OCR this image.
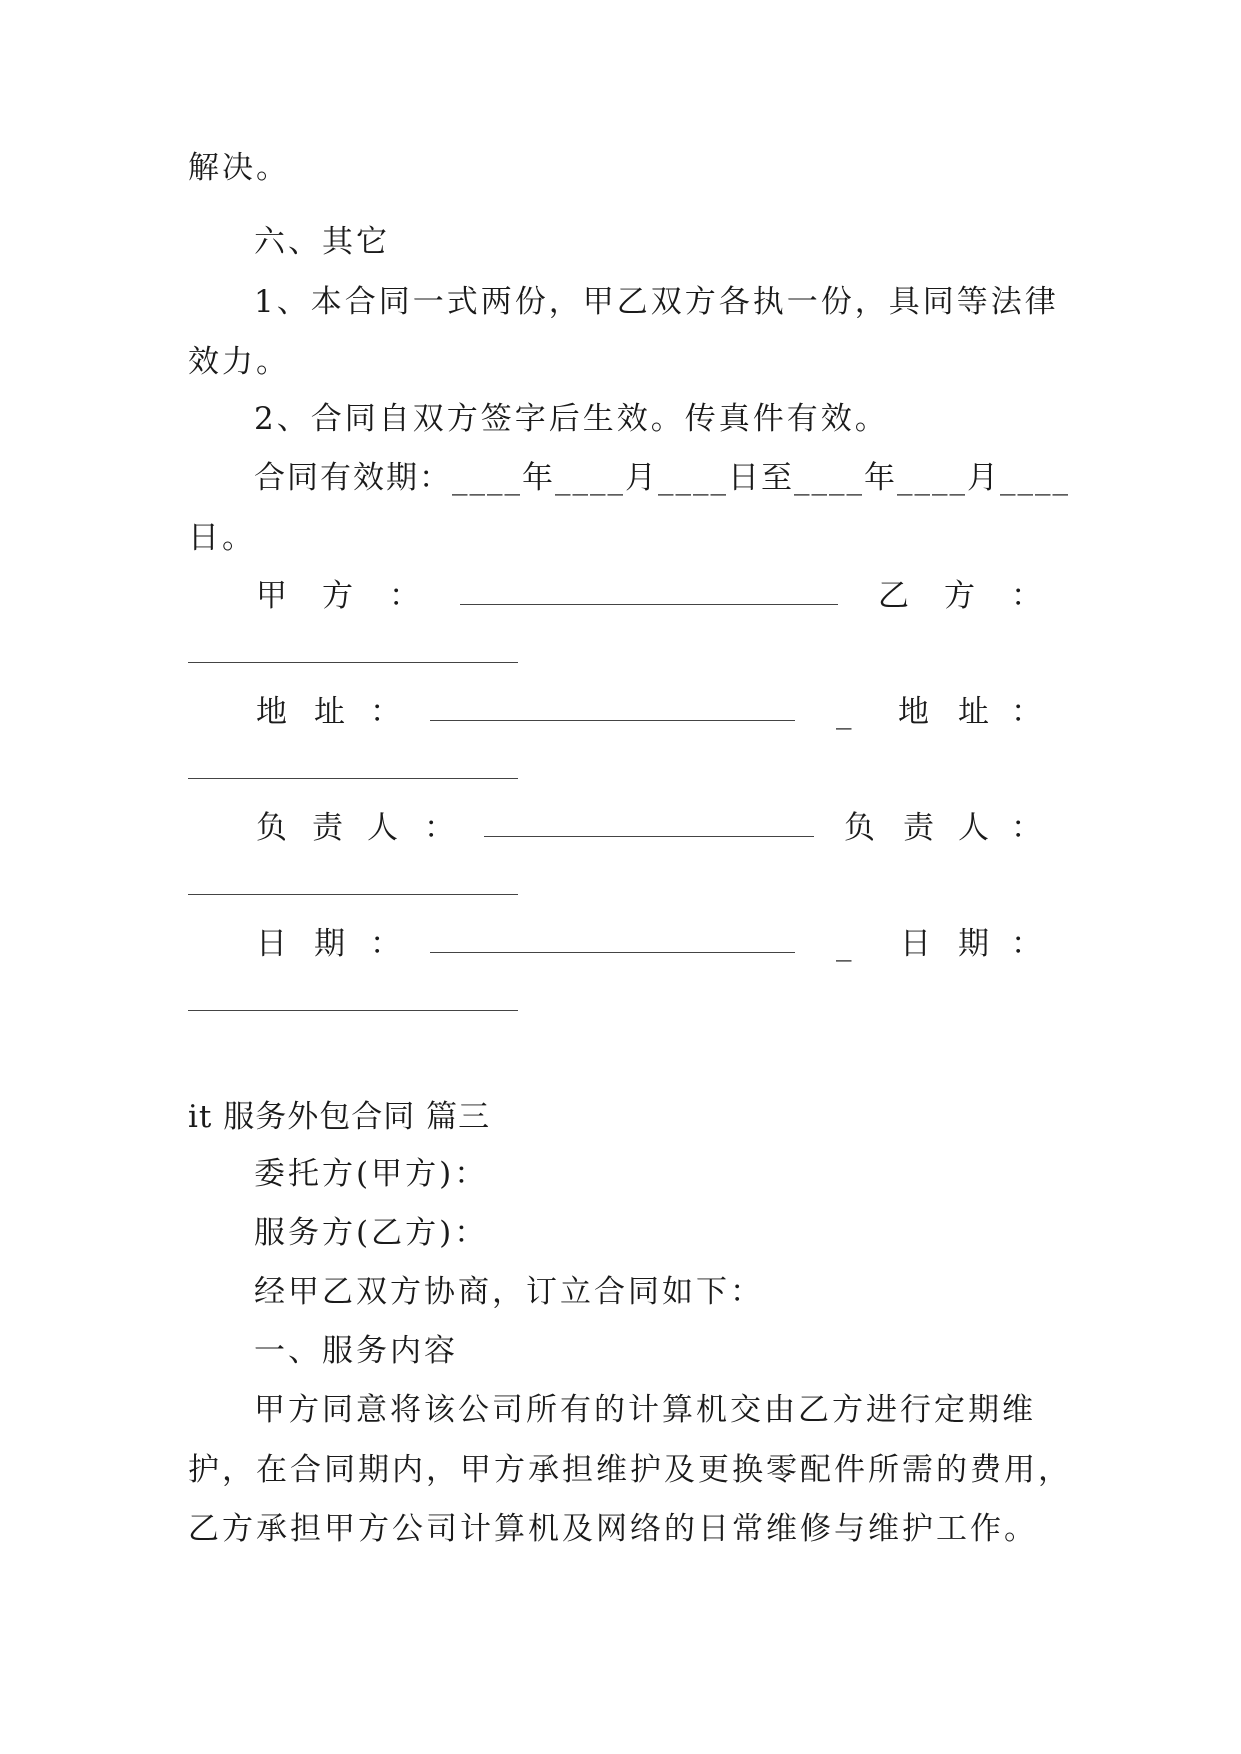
解决。
六、其它
1、本合同一式两份，甲乙双方各执一份，具同等法律
效力。
2、合同自双方签字后生效。传真件有效。
合同有效期：____年____月____日至____年____月____
日。
甲 方 ：	乙 方 ：
地 址 ：	_ 地 址 ：
负 责 人 ：	负 责 人 ：
日 期 ：	_ 日 期 ：
it 服务外包合同 篇三
委托方(甲方)：
服务方(乙方)：
经甲乙双方协商，订立合同如下：
一、服务内容
甲方同意将该公司所有的计算机交由乙方进行定期维
护，在合同期内，甲方承担维护及更换零配件所需的费用，
乙方承担甲方公司计算机及网络的日常维修与维护工作。
